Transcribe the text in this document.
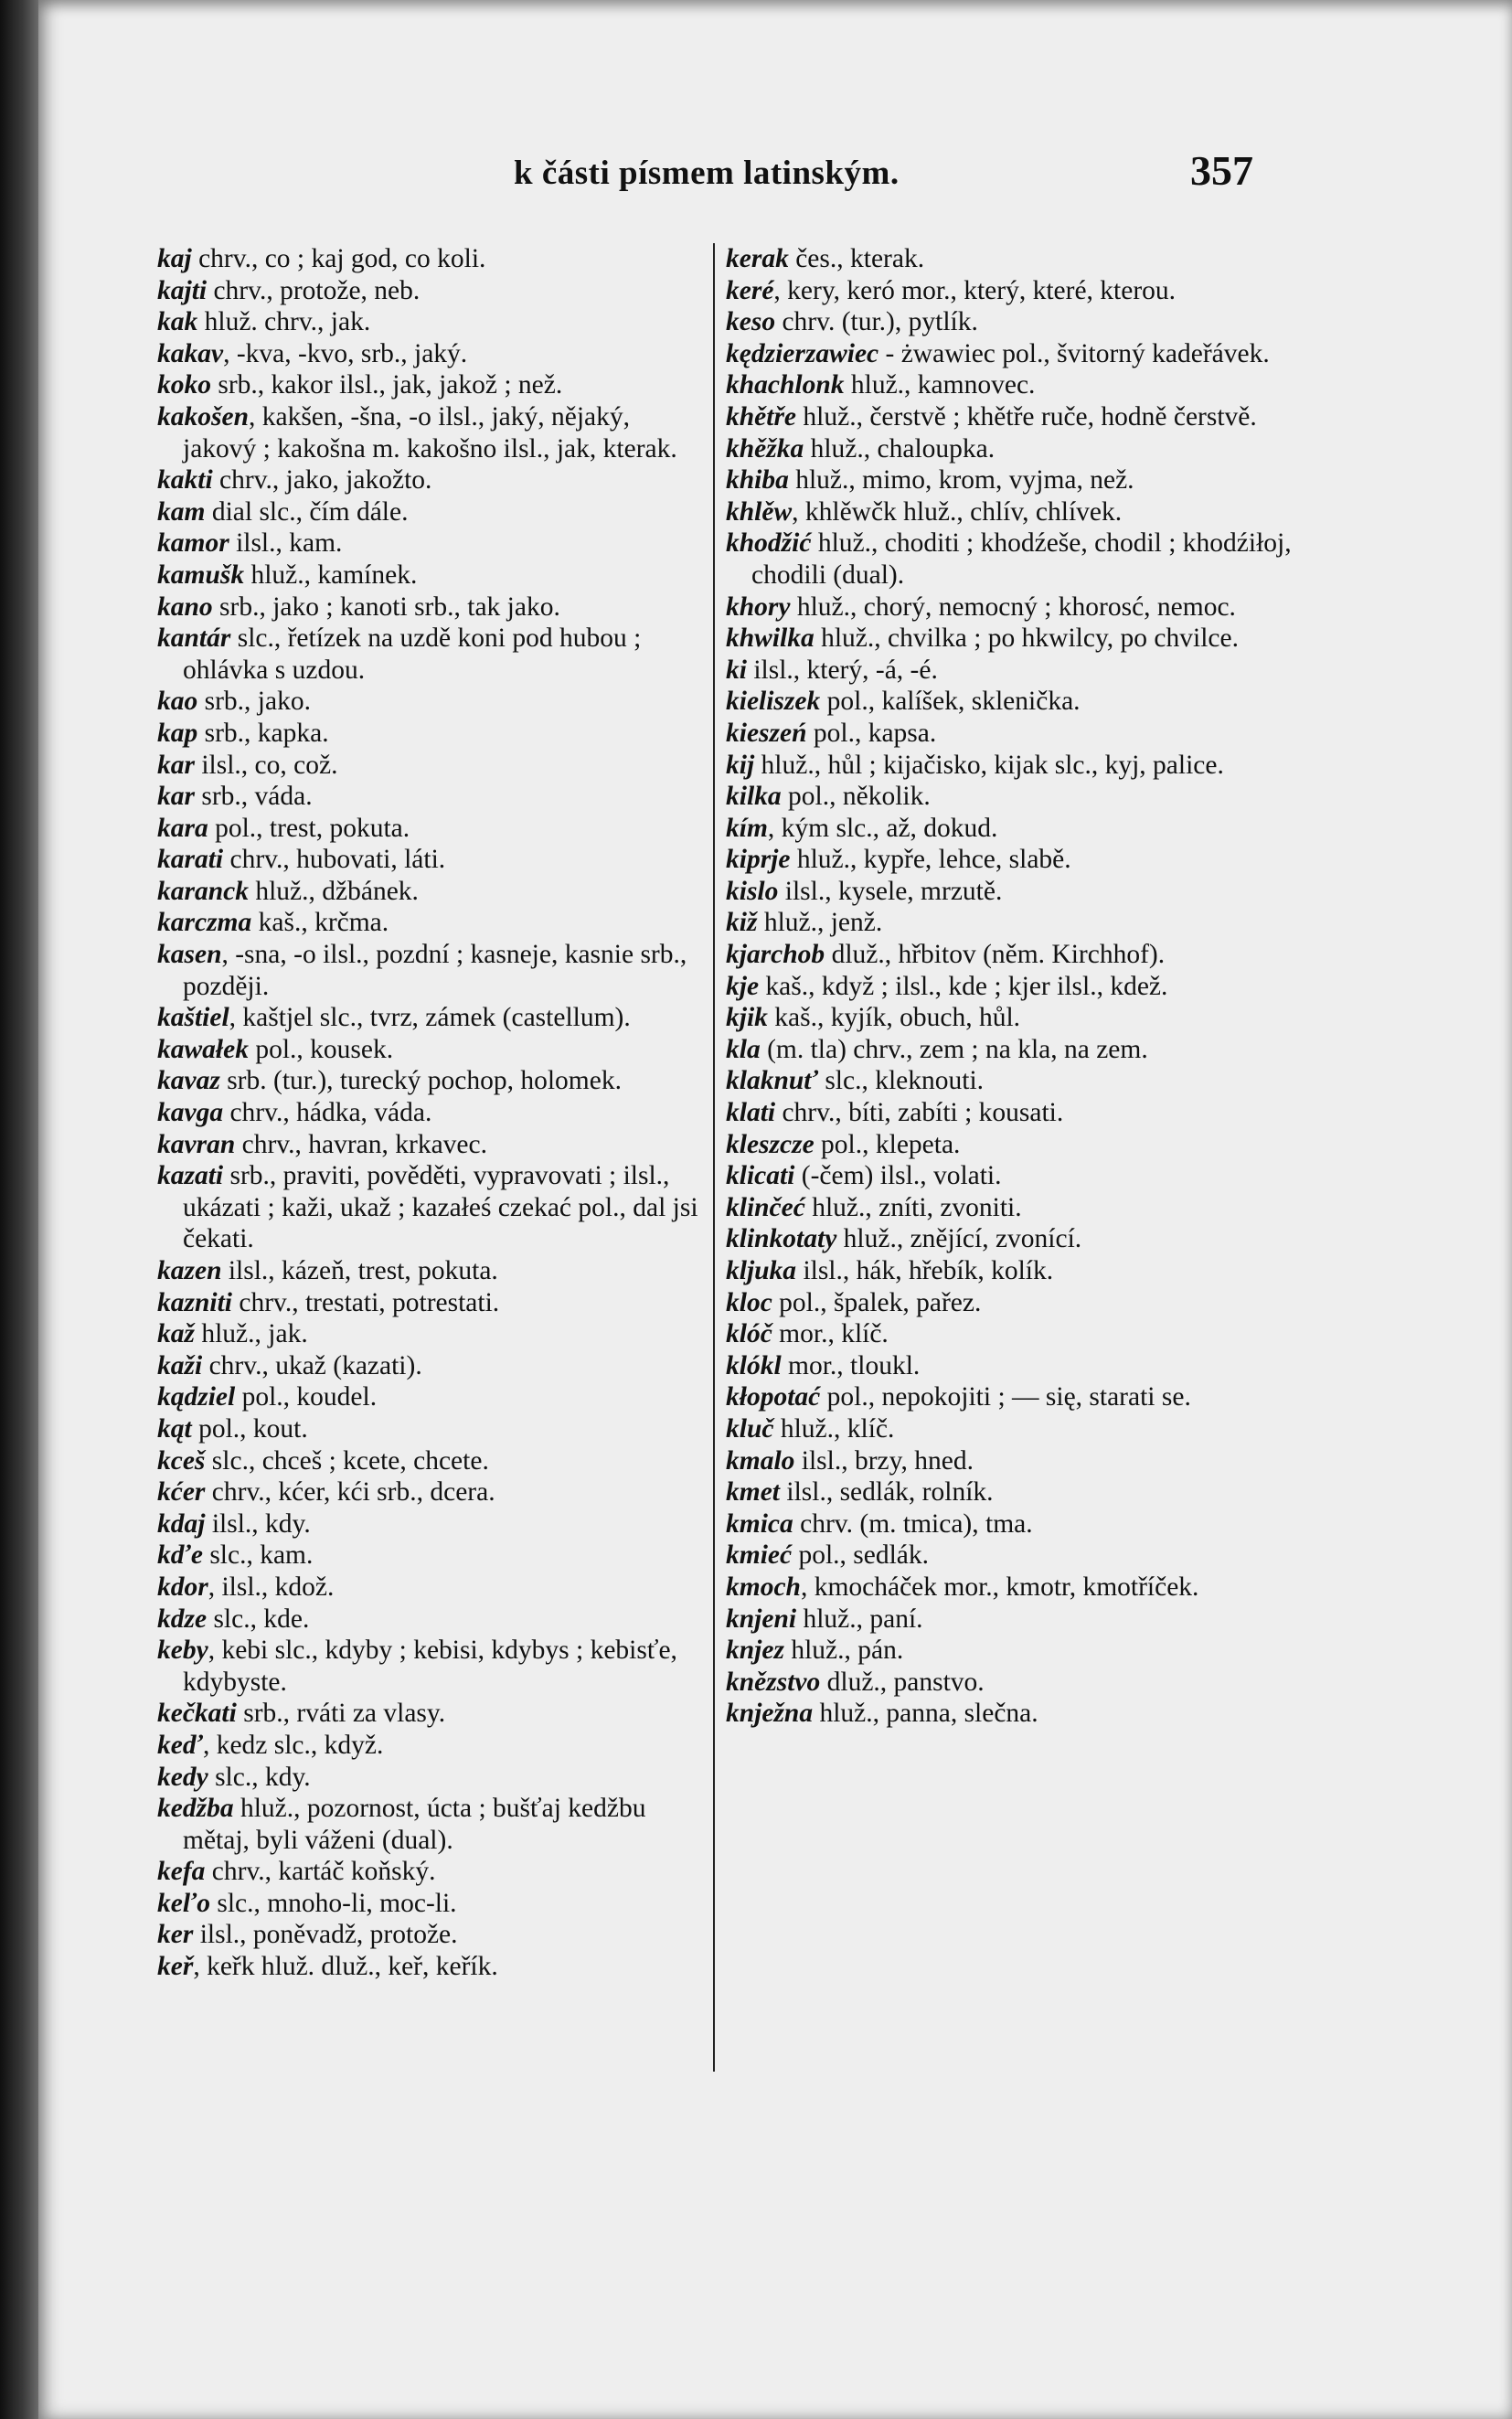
k části písmem latinským.	357

kaj chrv., co ; kaj god, co koli.

kajti chrv., protože, neb.

kak hluž. chrv., jak.

kakav, -kva, -kvo, srb., jaký.

koko srb., kakor ilsl., jak, jakož ; než.

kakošen, kakšen, -šna, -o ilsl., jaký, nějaký, jakový ; kakošna m. kakošno ilsl., jak, kterak.

kakti chrv., jako, jakožto.

kam dial slc., čím dále.

kamor ilsl., kam.

kamušk hluž., kamínek.

kano srb., jako ; kanoti srb., tak jako.

kantár slc., řetízek na uzdě koni pod hubou ; ohlávka s uzdou.

kao srb., jako.

kap srb., kapka.

kar ilsl., co, což.

kar srb., váda.

kara pol., trest, pokuta.

karati chrv., hubovati, láti.

karanck hluž., džbánek.

karczma kaš., krčma.

kasen, -sna, -o ilsl., pozdní ; kasneje, kasnie srb., později.

kaštiel, kaštjel slc., tvrz, zámek (castellum).

kawałek pol., kousek.

kavaz srb. (tur.), turecký pochop, holomek.

kavga chrv., hádka, váda.

kavran chrv., havran, krkavec.

kazati srb., praviti, pověděti, vypravovati ; ilsl., ukázati ; kaži, ukaž ; kazałeś czekać pol., dal jsi čekati.

kazen ilsl., kázeň, trest, pokuta.

kazniti chrv., trestati, potrestati.

kaž hluž., jak.

kaži chrv., ukaž (kazati).

kądziel pol., koudel.

kąt pol., kout.

kceš slc., chceš ; kcete, chcete.

kćer chrv., kćer, kći srb., dcera.

kdaj ilsl., kdy.

kďe slc., kam.

kdor, ilsl., kdož.

kdze slc., kde.

keby, kebi slc., kdyby ; kebisi, kdybys ; kebisťe, kdybyste.

kečkati srb., rváti za vlasy.

keď, kedz slc., když.

kedy slc., kdy.

kedžba hluž., pozornost, úcta ; bušťaj kedžbu mětaj, byli váženi (dual).

kefa chrv., kartáč koňský.

keľo slc., mnoho-li, moc-li.

ker ilsl., poněvadž, protože.

keř, keřk hluž. dluž., keř, keřík.

kerak čes., kterak.

keré, kery, keró mor., který, které, kterou.

keso chrv. (tur.), pytlík.

kędzierzawiec - żwawiec pol., švitorný kadeřávek.

khachlonk hluž., kamnovec.

khětře hluž., čerstvě ; khětře ruče, hodně čerstvě.

khěžka hluž., chaloupka.

khiba hluž., mimo, krom, vyjma, než.

khlěw, khlěwčk hluž., chlív, chlívek.

khodžić hluž., choditi ; khodźeše, chodil ; khodźiłoj, chodili (dual).

khory hluž., chorý, nemocný ; khorosć, nemoc.

khwilka hluž., chvilka ; po hkwilcy, po chvilce.

ki ilsl., který, -á, -é.

kieliszek pol., kalíšek, sklenička.

kieszeń pol., kapsa.

kij hluž., hůl ; kijačisko, kijak slc., kyj, palice.

kilka pol., několik.

kím, kým slc., až, dokud.

kiprje hluž., kypře, lehce, slabě.

kislo ilsl., kysele, mrzutě.

kiž hluž., jenž.

kjarchob dluž., hřbitov (něm. Kirchhof).

kje kaš., když ; ilsl., kde ; kjer ilsl., kdež.

kjik kaš., kyjík, obuch, hůl.

kla (m. tla) chrv., zem ; na kla, na zem.

klaknuť slc., kleknouti.

klati chrv., bíti, zabíti ; kousati.

kleszcze pol., klepeta.

klicati (-čem) ilsl., volati.

klinčeć hluž., zníti, zvoniti.

klinkotaty hluž., znějící, zvonící.

kljuka ilsl., hák, hřebík, kolík.

kloc pol., špalek, pařez.

klóč mor., klíč.

klókl mor., tloukl.

kłopotać pol., nepokojiti ; — się, starati se.

kluč hluž., klíč.

kmalo ilsl., brzy, hned.

kmet ilsl., sedlák, rolník.

kmica chrv. (m. tmica), tma.

kmieć pol., sedlák.

kmoch, kmocháček mor., kmotr, kmotříček.

knjeni hluž., paní.

knjez hluž., pán.

knězstvo dluž., panstvo.

knježna hluž., panna, slečna.
